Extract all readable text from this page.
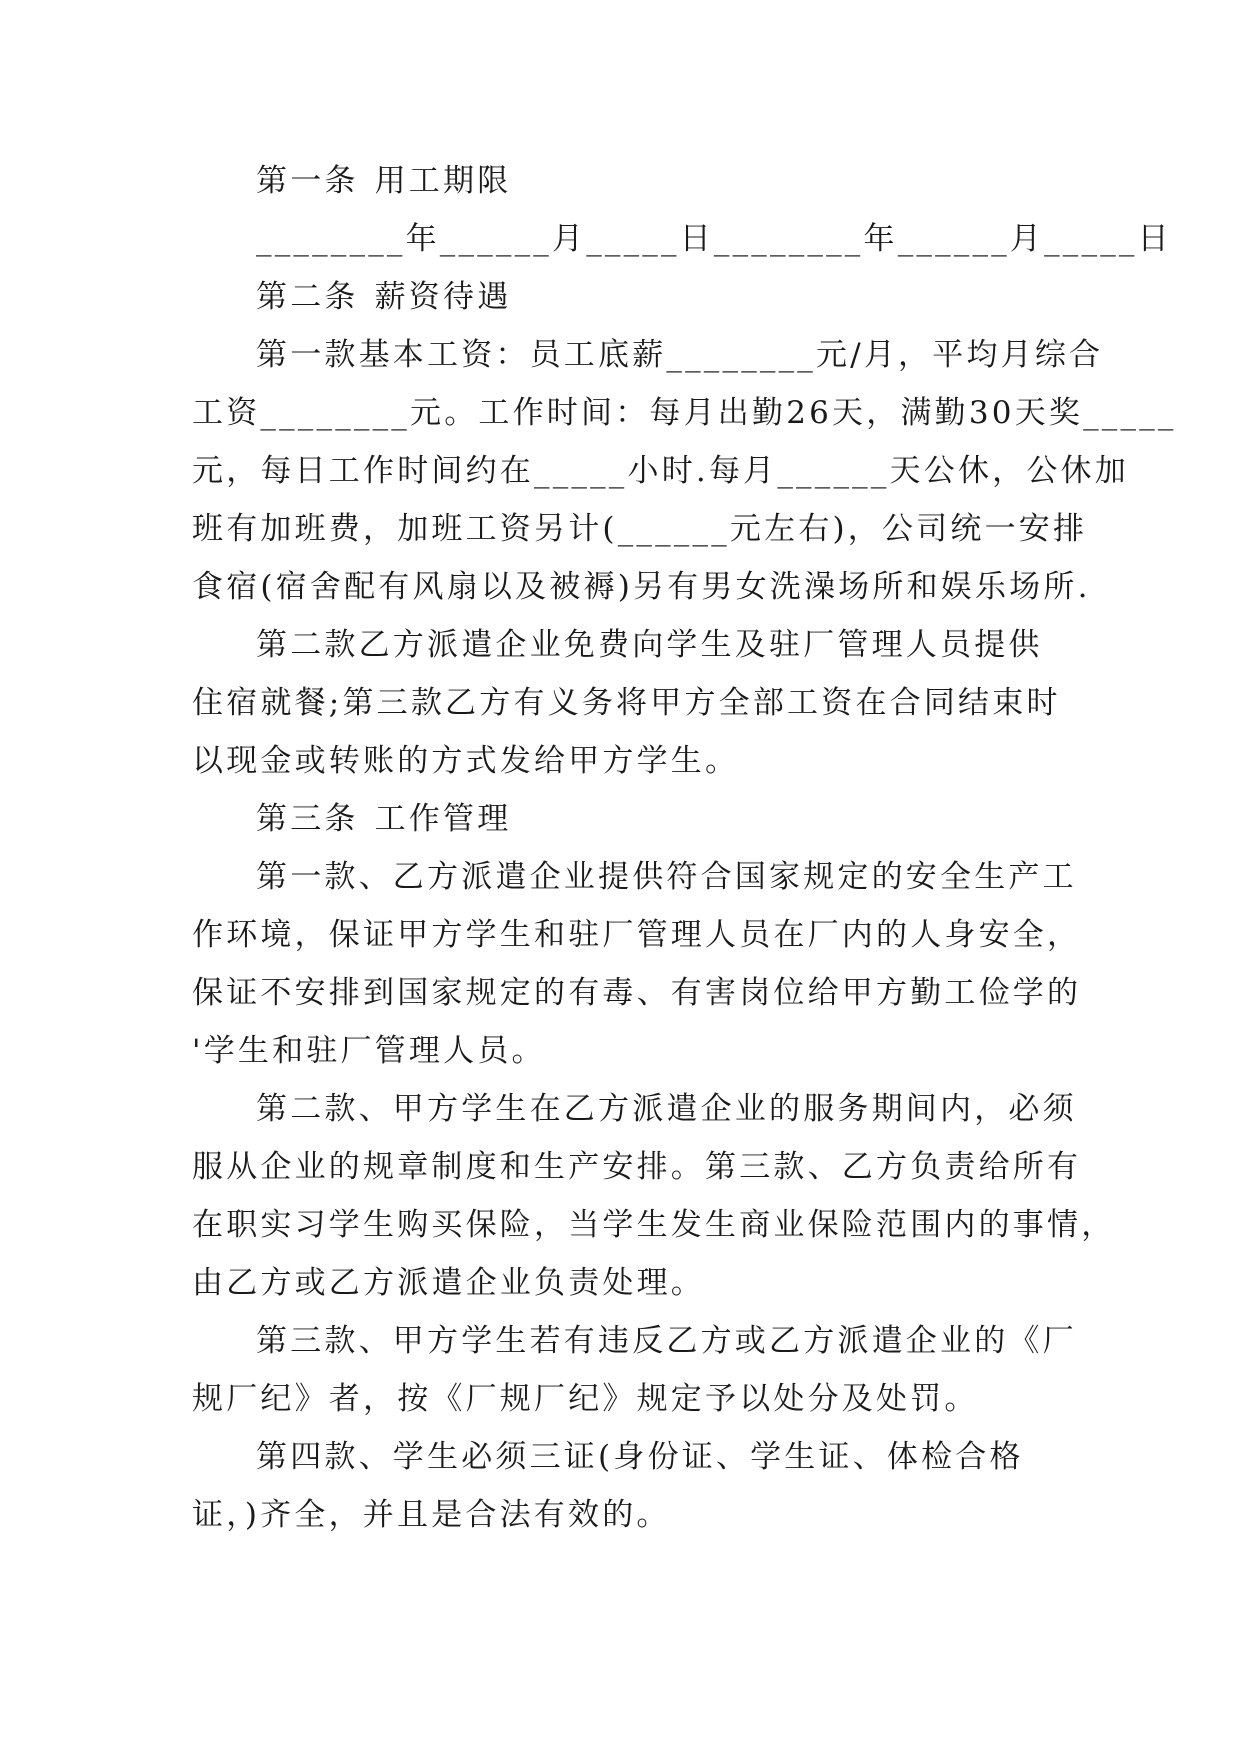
第一条 用工期限
________年______月_____日________年______月_____日
第二条 薪资待遇
第一款基本工资：员工底薪________元/月，平均月综合
工资________元。工作时间：每月出勤26天，满勤30天奖_____
元，每日工作时间约在_____小时.每月______天公休，公休加
班有加班费，加班工资另计(______元左右)，公司统一安排
食宿(宿舍配有风扇以及被褥)另有男女洗澡场所和娱乐场所.
第二款乙方派遣企业免费向学生及驻厂管理人员提供
住宿就餐;第三款乙方有义务将甲方全部工资在合同结束时
以现金或转账的方式发给甲方学生。
第三条 工作管理
第一款、乙方派遣企业提供符合国家规定的安全生产工
作环境，保证甲方学生和驻厂管理人员在厂内的人身安全，
保证不安排到国家规定的有毒、有害岗位给甲方勤工俭学的
'学生和驻厂管理人员。
第二款、甲方学生在乙方派遣企业的服务期间内，必须
服从企业的规章制度和生产安排。第三款、乙方负责给所有
在职实习学生购买保险，当学生发生商业保险范围内的事情，
由乙方或乙方派遣企业负责处理。
第三款、甲方学生若有违反乙方或乙方派遣企业的《厂
规厂纪》者，按《厂规厂纪》规定予以处分及处罚。
第四款、学生必须三证(身份证、学生证、体检合格
证，)齐全，并且是合法有效的。
